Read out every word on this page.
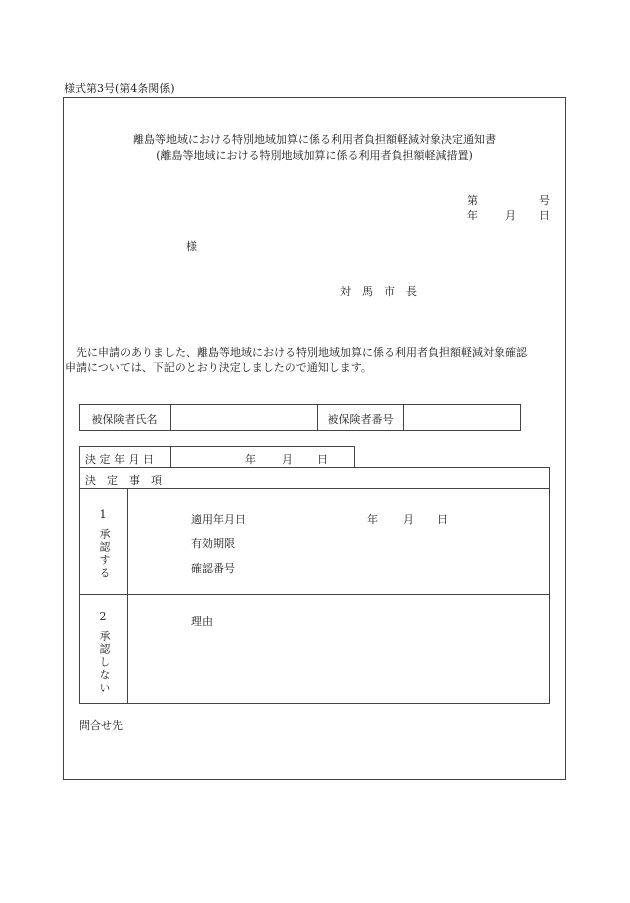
様式第3号(第4条関係)
離島等地域における特別地域加算に係る利用者負担額軽減対象決定通知書
(離島等地域における特別地域加算に係る利用者負担額軽減措置)
第	号
年 月 日
様
対　馬　市　長
先に申請のありました、離島等地域における特別地域加算に係る利用者負担額軽減対象確認
申請については、下記のとおり決定しましたので通知します。
被保険者氏名	被保険者番号
決 定 年 月 日	年 月 日
決　定　事　項
1
承認する
適用年月日	年 月 日
有効期限
確認番号
2
承認しない
理由
問合せ先
